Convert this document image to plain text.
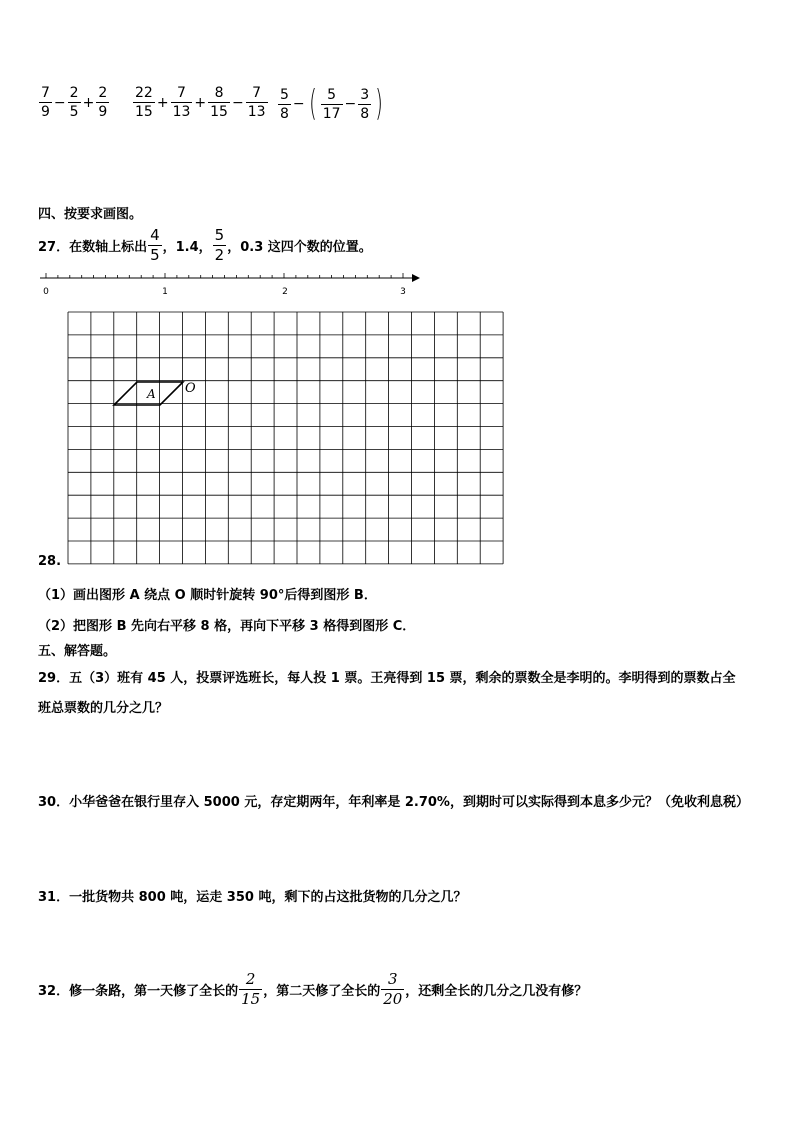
$\frac{7}{9} - \frac{2}{5} + \frac{2}{9} \frac{22}{15} + \frac{7}{13} + \frac{8}{15} - \frac{7}{13} \frac{5}{8}$ − ( $\frac{5}{17} - \frac{3}{8}$ )
四、按要求画图。
27．在数轴上标出 $\frac{4}{5}$ ，1.4， $\frac{5}{2}$ ，0.3 这四个数的位置。
0	1	2	3
A O
28.
（1）画出图形 A 绕点 O 顺时针旋转 90°后得到图形 B．
（2）把图形 B 先向右平移 8 格，再向下平移 3 格得到图形 C．
五、解答题。
29．五（3）班有 45 人，投票评选班长，每人投 1 票。王亮得到 15 票，剩余的票数全是李明的。李明得到的票数占全
班总票数的几分之几？
30．小华爸爸在银行里存入 5000 元，存定期两年，年利率是 2.70%，到期时可以实际得到本息多少元？（免收利息税）
31．一批货物共 800 吨，运走 350 吨，剩下的占这批货物的几分之几？
32．修一条路，第一天修了全长的 $\frac{2}{15}$ ，第二天修了全长的 $\frac{3}{20}$ ，还剩全长的几分之几没有修？
